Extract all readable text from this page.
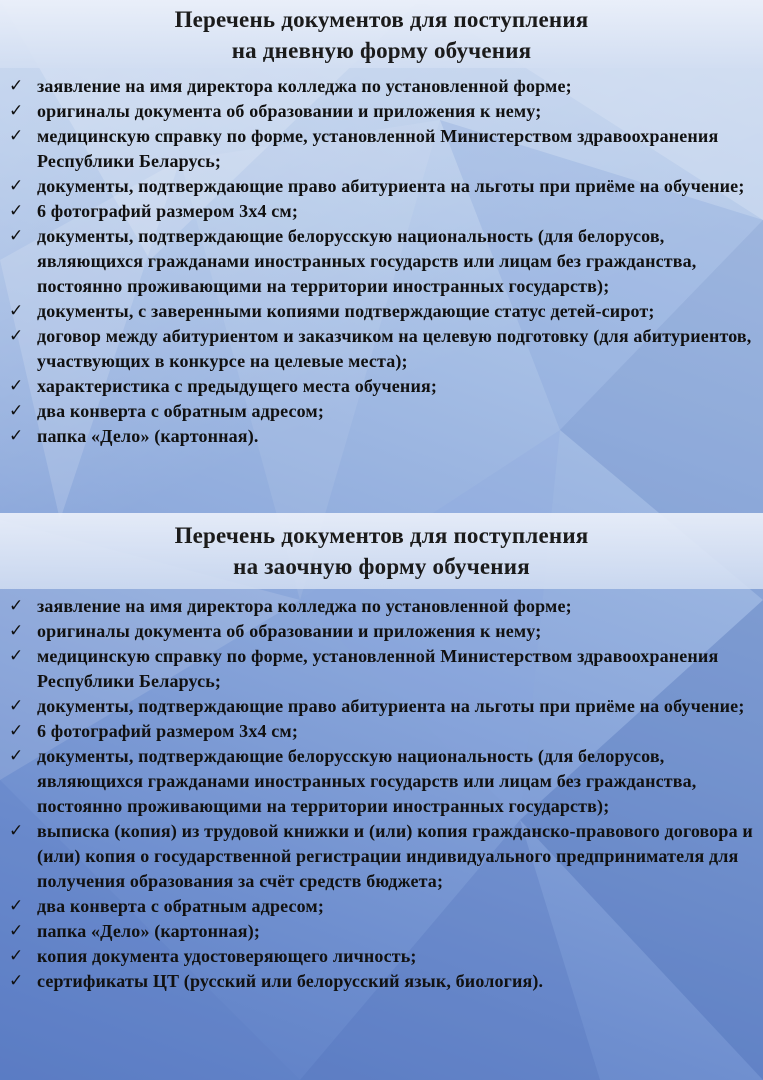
Перечень документов для поступления
на дневную форму обучения
✓ заявление на имя директора колледжа по установленной форме;
✓ оригиналы документа об образовании и приложения к нему;
✓ медицинскую справку по форме, установленной Министерством здравоохранения Республики Беларусь;
✓ документы, подтверждающие право абитуриента на льготы при приёме на обучение;
✓ 6 фотографий размером 3х4 см;
✓ документы, подтверждающие белорусскую национальность (для белорусов, являющихся гражданами иностранных государств или лицам без гражданства, постоянно проживающими на территории иностранных государств);
✓ документы, с заверенными копиями подтверждающие статус детей-сирот;
✓ договор между абитуриентом и заказчиком на целевую подготовку (для абитуриентов, участвующих в конкурсе на целевые места);
✓ характеристика с предыдущего места обучения;
✓ два конверта с обратным адресом;
✓ папка «Дело» (картонная).
Перечень документов для поступления
на заочную форму обучения
✓ заявление на имя директора колледжа по установленной форме;
✓ оригиналы документа об образовании и приложения к нему;
✓ медицинскую справку по форме, установленной Министерством здравоохранения Республики Беларусь;
✓ документы, подтверждающие право абитуриента на льготы при приёме на обучение;
✓ 6 фотографий размером 3х4 см;
✓ документы, подтверждающие белорусскую национальность (для белорусов, являющихся гражданами иностранных государств или лицам без гражданства, постоянно проживающими на территории иностранных государств);
✓ выписка (копия) из трудовой книжки и (или) копия гражданско-правового договора и (или) копия о государственной регистрации индивидуального предпринимателя для получения образования за счёт средств бюджета;
✓ два конверта с обратным адресом;
✓ папка «Дело» (картонная);
✓ копия документа удостоверяющего личность;
✓ сертификаты ЦТ (русский или белорусский язык, биология).
